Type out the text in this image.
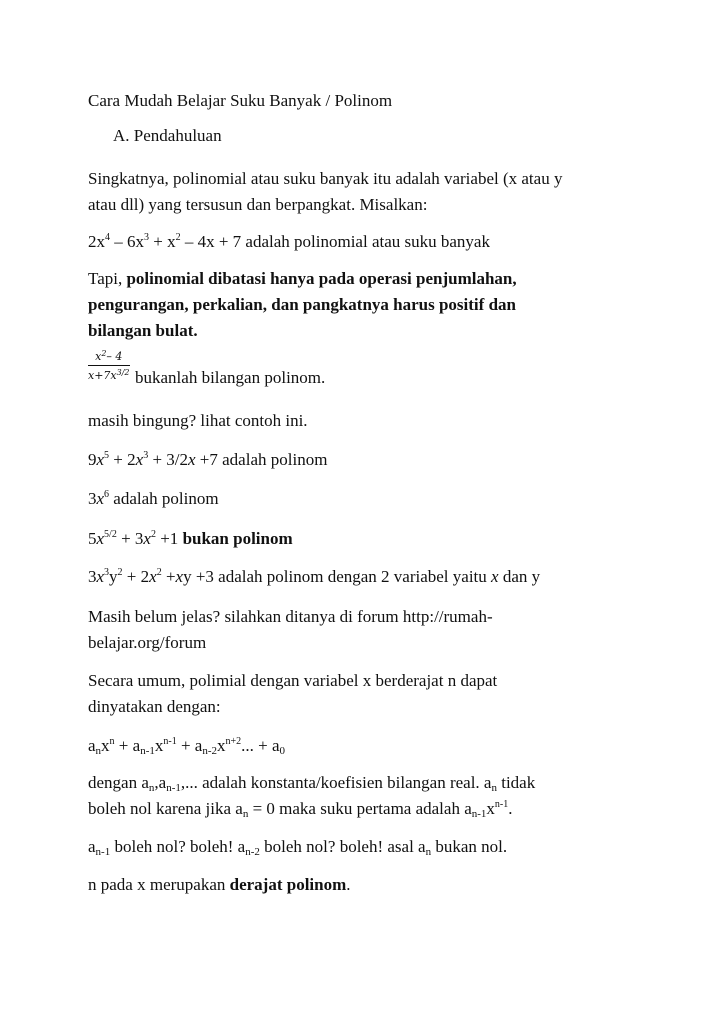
Cara Mudah Belajar Suku Banyak / Polinom
A. Pendahuluan
Singkatnya, polinomial atau suku banyak itu adalah variabel (x atau y
atau dll) yang tersusun dan berpangkat. Misalkan:
$2x^4 - 6x^3 + x^2 - 4x + 7$ adalah polinomial atau suku banyak
Tapi, polinomial dibatasi hanya pada operasi penjumlahan,
pengurangan, perkalian, dan pangkatnya harus positif dan
bilangan bulat.
$\frac{x^2- 4}{x+7x^{3/2}}$ bukanlah bilangan polinom.
masih bingung? lihat contoh ini.
$9x^5 + 2x^3 + 3/2x +7$ adalah polinom
$3x^6$ adalah polinom
$5x^{5/2} + 3x^2 +1$ bukan polinom
$3x^3y^2 + 2x^2 +xy +3$ adalah polinom dengan 2 variabel yaitu x dan y
Masih belum jelas? silahkan ditanya di forum http://rumah-
belajar.org/forum
Secara umum, polimial dengan variabel x berderajat n dapat
dinyatakan dengan:
$a_nx^n + a_{n-1}x^{n-1} + a_{n-2}x^{n+2}$... + $a_0$
dengan $a_n,a_{n-1}$,... adalah konstanta/koefisien bilangan real. $a_n$ tidak
boleh nol karena jika $a_n = 0$ maka suku pertama adalah $a_{n-1}x^{n-1}$.
$a_{n-1}$ boleh nol? boleh! $a_{n-2}$ boleh nol? boleh! asal $a_n$ bukan nol.
n pada x merupakan derajat polinom.
